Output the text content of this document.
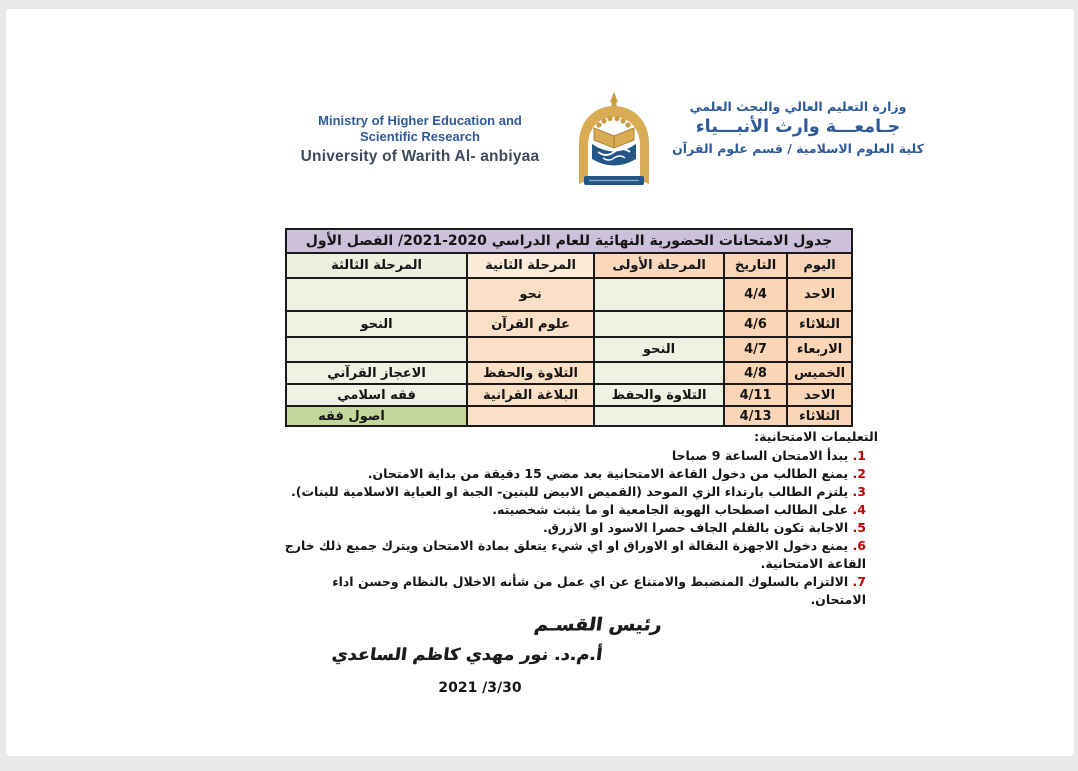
Ministry of Higher Education and
Scientific Research
University of Warith Al- anbiyaa
وزارة التعليم العالي والبحث العلمي
جـامعـــة وارث الأنبـــياء
كلية العلوم الاسلامية / قسم علوم القرآن
جدول الامتحانات الحضورية النهائية للعام الدراسي 2020-2021/ الفصل الأول				
اليوم	التاريخ	المرحلة الأولى	المرحلة الثانية	المرحلة الثالثة
الاحد	4/4		نحو	
الثلاثاء	4/6		علوم القرآن	النحو
الاربعاء	4/7	النحو		
الخميس	4/8		التلاوة والحفظ	الاعجاز القرآني
الاحد	4/11	التلاوة والحفظ	البلاغة القرانية	فقه اسلامي
الثلاثاء	4/13			اصول فقه
التعليمات الامتحانية:
1. يبدأ الامتحان الساعة 9 صباحا
2. يمنع الطالب من دخول القاعة الامتحانية بعد مضي 15 دقيقة من بداية الامتحان.
3. يلتزم الطالب بارتداء الزي الموحد (القميص الابيض للبنين- الجبة او العباية الاسلامية للبنات).
4. على الطالب اصطحاب الهوية الجامعية او ما يثبت شخصيته.
5. الاجابة تكون بالقلم الجاف حصرا الاسود او الازرق.
6. يمنع دخول الاجهزة النقالة او الاوراق او اي شيء يتعلق بمادة الامتحان ويترك جميع ذلك خارج القاعة الامتحانية.
7. الالتزام بالسلوك المنضبط والامتناع عن اي عمل من شأنه الاخلال بالنظام وحسن اداء الامتحان.
رئيس القسـم
أ.م.د. نور مهدي كاظم الساعدي
2021 /3/30
